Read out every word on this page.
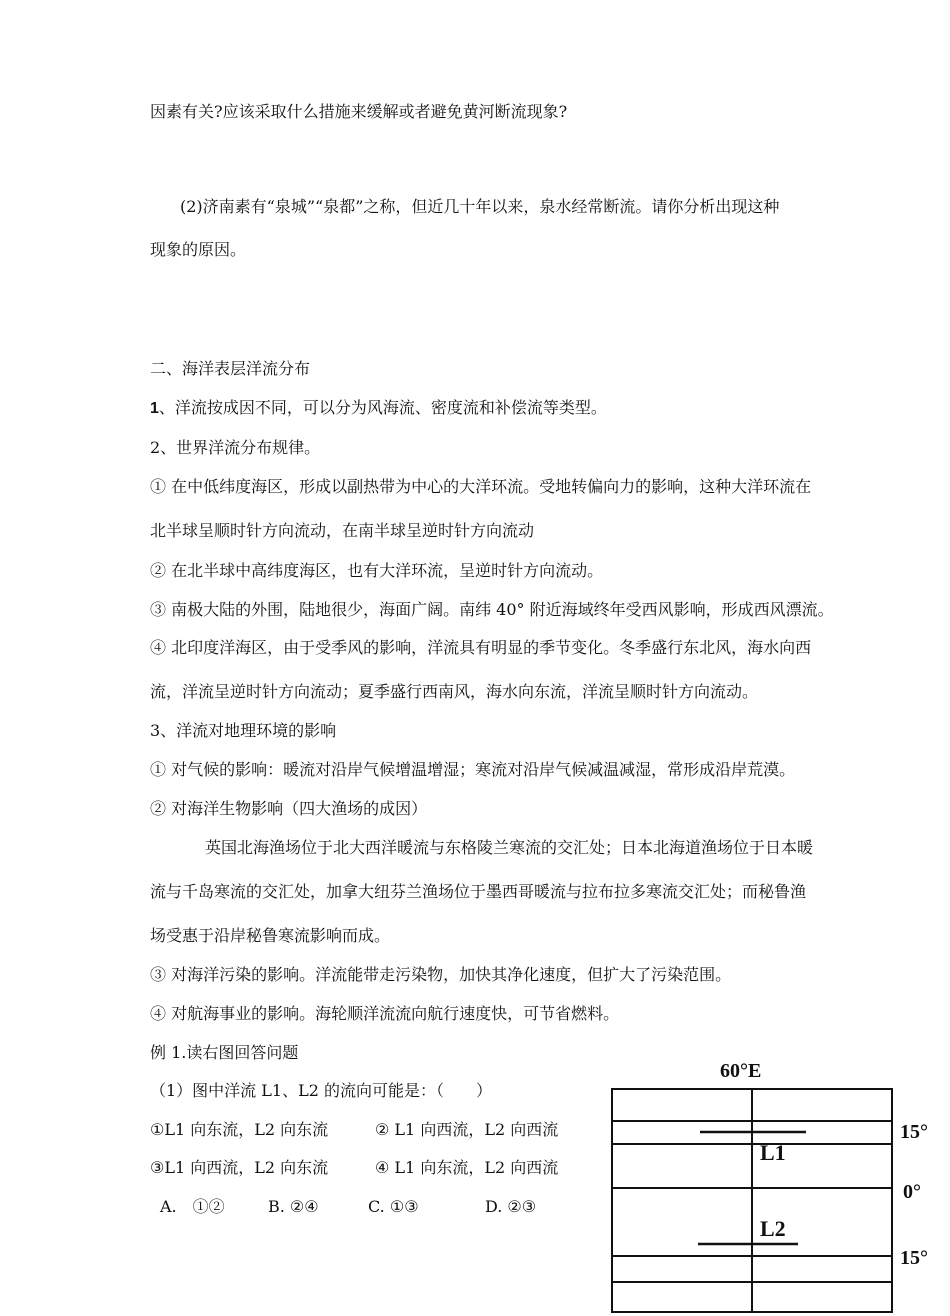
因素有关?应该采取什么措施来缓解或者避免黄河断流现象?
(2)济南素有“泉城”“泉都”之称，但近几十年以来，泉水经常断流。请你分析出现这种
现象的原因。
二、海洋表层洋流分布
1、洋流按成因不同，可以分为风海流、密度流和补偿流等类型。
2、世界洋流分布规律。
① 在中低纬度海区，形成以副热带为中心的大洋环流。受地转偏向力的影响，这种大洋环流在
北半球呈顺时针方向流动，在南半球呈逆时针方向流动
② 在北半球中高纬度海区，也有大洋环流，呈逆时针方向流动。
③ 南极大陆的外围，陆地很少，海面广阔。南纬 40° 附近海域终年受西风影响，形成西风漂流。
④ 北印度洋海区，由于受季风的影响，洋流具有明显的季节变化。冬季盛行东北风，海水向西
流，洋流呈逆时针方向流动；夏季盛行西南风，海水向东流，洋流呈顺时针方向流动。
3、洋流对地理环境的影响
① 对气候的影响：暖流对沿岸气候增温增湿；寒流对沿岸气候减温减湿，常形成沿岸荒漠。
② 对海洋生物影响（四大渔场的成因）
英国北海渔场位于北大西洋暖流与东格陵兰寒流的交汇处；日本北海道渔场位于日本暖
流与千岛寒流的交汇处，加拿大纽芬兰渔场位于墨西哥暖流与拉布拉多寒流交汇处；而秘鲁渔
场受惠于沿岸秘鲁寒流影响而成。
③ 对海洋污染的影响。洋流能带走污染物，加快其净化速度，但扩大了污染范围。
④ 对航海事业的影响。海轮顺洋流流向航行速度快，可节省燃料。
例 1.读右图回答问题
（1）图中洋流 L1、L2 的流向可能是：（　　）
①L1 向东流，L2 向东流	② L1 向西流，L2 向西流
③L1 向西流，L2 向东流	④ L1 向东流，L2 向西流
A.　①②	B. ②④	C. ①③	D. ②③
60°E
15°
0°
15°
L1
L2
